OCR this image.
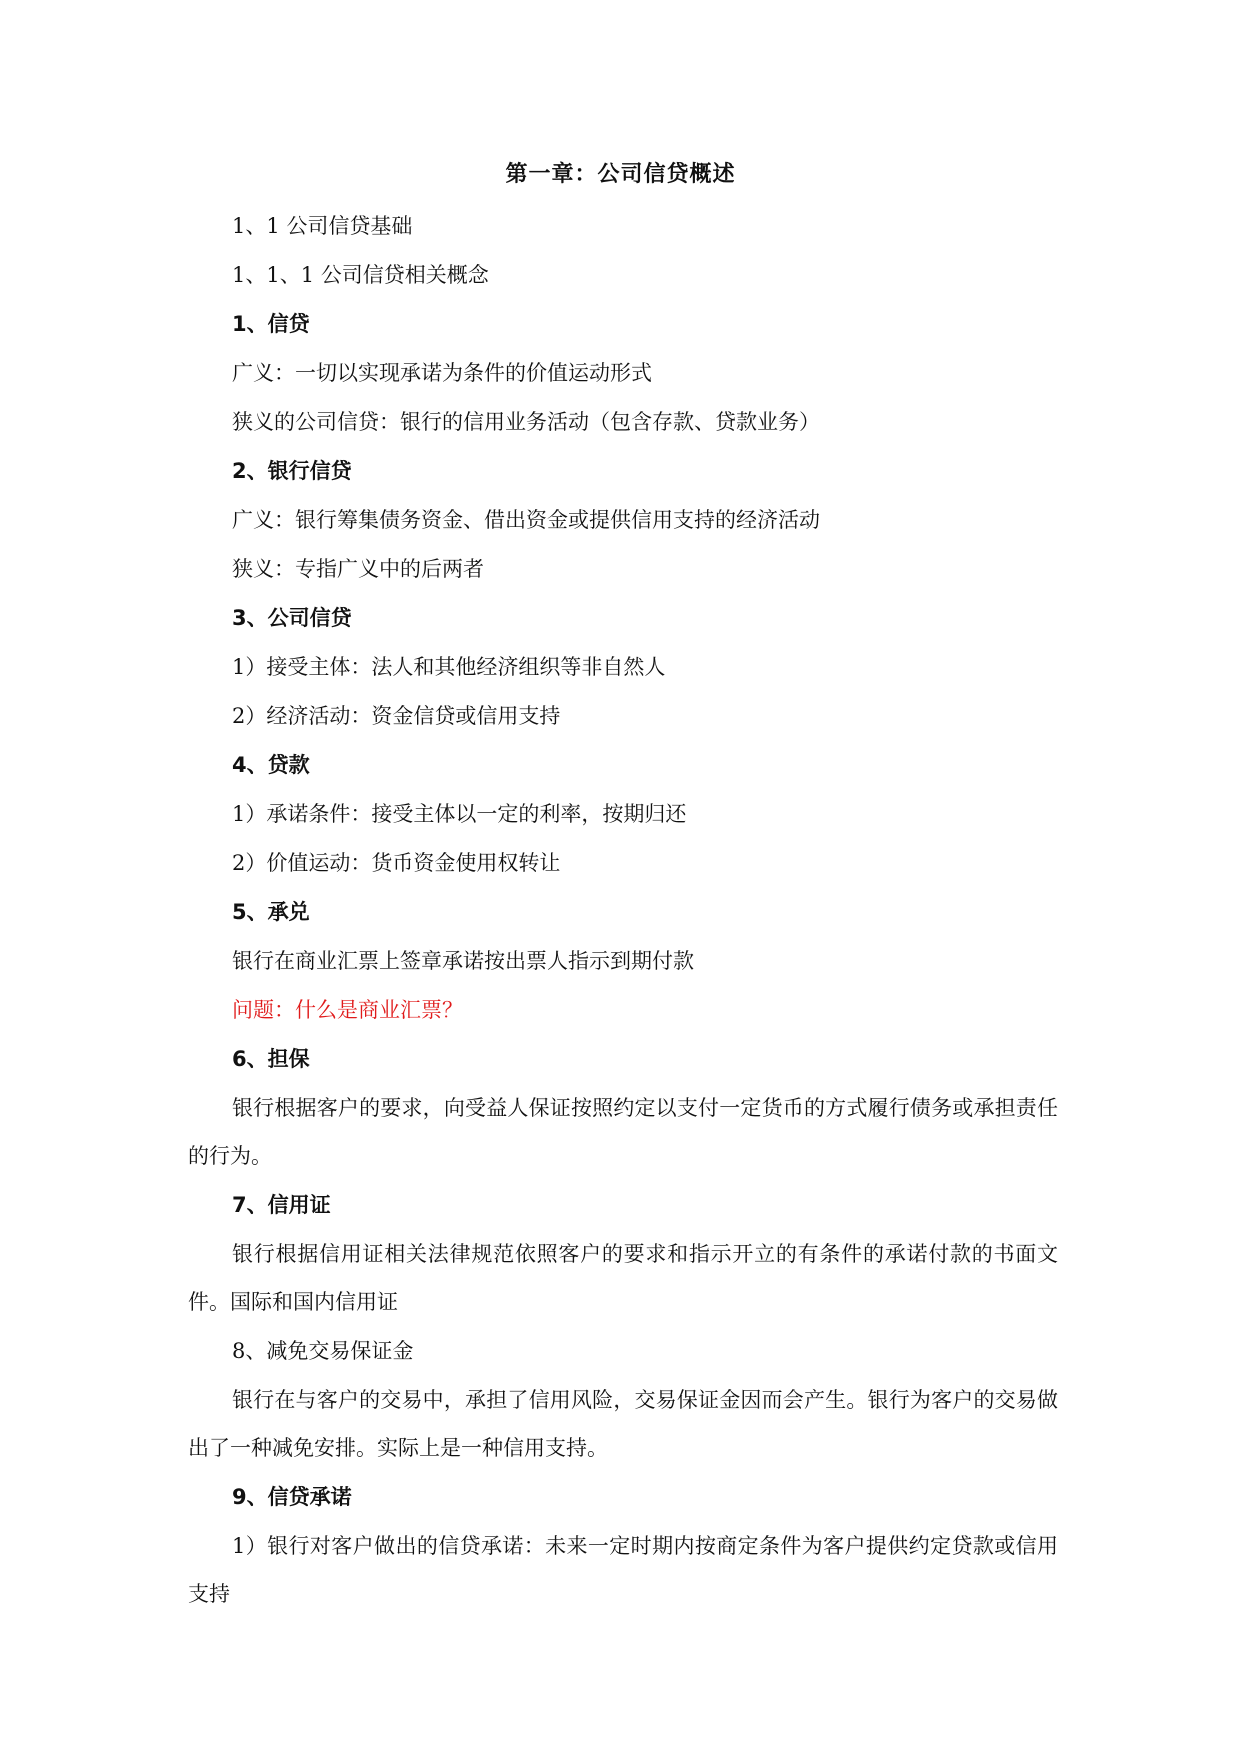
第一章：公司信贷概述
1、1 公司信贷基础
1、1、1 公司信贷相关概念
1、信贷
广义：一切以实现承诺为条件的价值运动形式
狭义的公司信贷：银行的信用业务活动（包含存款、贷款业务）
2、银行信贷
广义：银行筹集债务资金、借出资金或提供信用支持的经济活动
狭义：专指广义中的后两者
3、公司信贷
1）接受主体：法人和其他经济组织等非自然人
2）经济活动：资金信贷或信用支持
4、贷款
1）承诺条件：接受主体以一定的利率，按期归还
2）价值运动：货币资金使用权转让
5、承兑
银行在商业汇票上签章承诺按出票人指示到期付款
问题：什么是商业汇票？
6、担保
银行根据客户的要求，向受益人保证按照约定以支付一定货币的方式履行债务或承担责任的行为。
7、信用证
银行根据信用证相关法律规范依照客户的要求和指示开立的有条件的承诺付款的书面文件。国际和国内信用证
8、减免交易保证金
银行在与客户的交易中，承担了信用风险，交易保证金因而会产生。银行为客户的交易做出了一种减免安排。实际上是一种信用支持。
9、信贷承诺
1）银行对客户做出的信贷承诺：未来一定时期内按商定条件为客户提供约定贷款或信用支持
